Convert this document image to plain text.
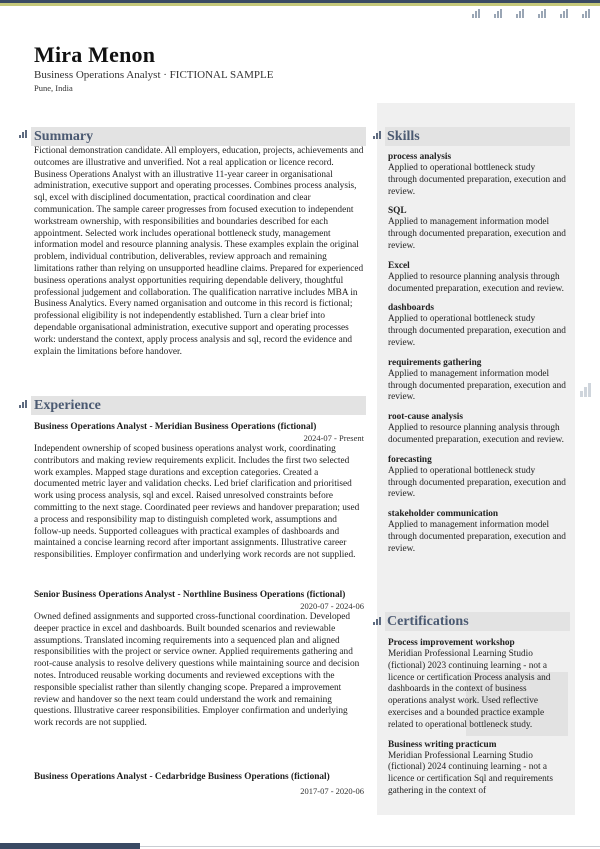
Mira Menon
Business Operations Analyst · FICTIONAL SAMPLE
Pune, India
Summary
Fictional demonstration candidate. All employers, education, projects, achievements and outcomes are illustrative and unverified. Not a real application or licence record. Business Operations Analyst with an illustrative 11-year career in organisational administration, executive support and operating processes. Combines process analysis, sql, excel with disciplined documentation, practical coordination and clear communication. The sample career progresses from focused execution to independent workstream ownership, with responsibilities and boundaries described for each appointment. Selected work includes operational bottleneck study, management information model and resource planning analysis. These examples explain the original problem, individual contribution, deliverables, review approach and remaining limitations rather than relying on unsupported headline claims. Prepared for experienced business operations analyst opportunities requiring dependable delivery, thoughtful professional judgement and collaboration. The qualification narrative includes MBA in Business Analytics. Every named organisation and outcome in this record is fictional; professional eligibility is not independently established. Turn a clear brief into dependable organisational administration, executive support and operating processes work: understand the context, apply process analysis and sql, record the evidence and explain the limitations before handover.
Experience
Business Operations Analyst - Meridian Business Operations (fictional)
2024-07 - Present
Independent ownership of scoped business operations analyst work, coordinating contributors and making review requirements explicit. Includes the first two selected work examples. Mapped stage durations and exception categories. Created a documented metric layer and validation checks. Led brief clarification and prioritised work using process analysis, sql and excel. Raised unresolved constraints before committing to the next stage. Coordinated peer reviews and handover preparation; used a process and responsibility map to distinguish completed work, assumptions and follow-up needs. Supported colleagues with practical examples of dashboards and maintained a concise learning record after important assignments. Illustrative career responsibilities. Employer confirmation and underlying work records are not supplied.
Senior Business Operations Analyst - Northline Business Operations (fictional)
2020-07 - 2024-06
Owned defined assignments and supported cross-functional coordination. Developed deeper practice in excel and dashboards. Built bounded scenarios and reviewable assumptions. Translated incoming requirements into a sequenced plan and aligned responsibilities with the project or service owner. Applied requirements gathering and root-cause analysis to resolve delivery questions while maintaining source and decision notes. Introduced reusable working documents and reviewed exceptions with the responsible specialist rather than silently changing scope. Prepared a improvement review and handover so the next team could understand the work and remaining questions. Illustrative career responsibilities. Employer confirmation and underlying work records are not supplied.
Business Operations Analyst - Cedarbridge Business Operations (fictional)
2017-07 - 2020-06
Skills
process analysis
Applied to operational bottleneck study through documented preparation, execution and review.
SQL
Applied to management information model through documented preparation, execution and review.
Excel
Applied to resource planning analysis through documented preparation, execution and review.
dashboards
Applied to operational bottleneck study through documented preparation, execution and review.
requirements gathering
Applied to management information model through documented preparation, execution and review.
root-cause analysis
Applied to resource planning analysis through documented preparation, execution and review.
forecasting
Applied to operational bottleneck study through documented preparation, execution and review.
stakeholder communication
Applied to management information model through documented preparation, execution and review.
Certifications
Process improvement workshop
Meridian Professional Learning Studio (fictional) 2023 continuing learning - not a licence or certification Process analysis and dashboards in the context of business operations analyst work. Used reflective exercises and a bounded practice example related to operational bottleneck study.
Business writing practicum
Meridian Professional Learning Studio (fictional) 2024 continuing learning - not a licence or certification Sql and requirements gathering in the context of
